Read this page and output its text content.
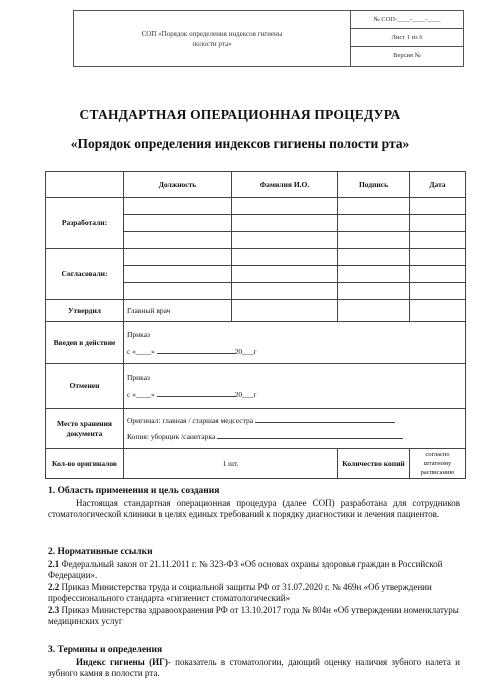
СОП «Порядок определения индексов гигиены
полости рта»
№ СОП-____-____-____
Лист 1 из 6
Версия №
СТАНДАРТНАЯ ОПЕРАЦИОННАЯ ПРОЦЕДУРА
«Порядок определения индексов гигиены полости рта»
	Должность	Фамилия И.О.	Подпись	Дата
Разработали:				

Согласовали:				

Утвердил	Главный врач			
Введен в действие	Приказ
с «____» 20___г			

Отменен	Приказ
с «____» 20___г			

Место хранения документа	Оригинал: главная / старшая медсестра
Копия: уборщик /санитарка			

Кол-во оригиналов	1 шт.		Количество копий	согласно штатному расписанию
1. Область применения и цель создания
Настоящая стандартная операционная процедура (далее СОП) разработана для сотрудников стоматологической клиники в целях единых требований к порядку диагностики и лечения пациентов.
2. Нормативные ссылки
2.1 Федеральный закон от 21.11.2011 г. № 323-ФЗ «Об основах охраны здоровья граждан в Российской Федерации».
2.2 Приказ Министерства труда и социальной защиты РФ от 31.07.2020 г. № 469н «Об утверждении профессионального стандарта «гигиенист стоматологический»
2.3 Приказ Министерства здравоохранения РФ от 13.10.2017 года № 804н «Об утверждении номенклатуры медицинских услуг
3. Термины и определения
Индекс гигиены (ИГ)- показатель в стоматологии, дающий оценку наличия зубного налета и зубного камня в полости рта.
